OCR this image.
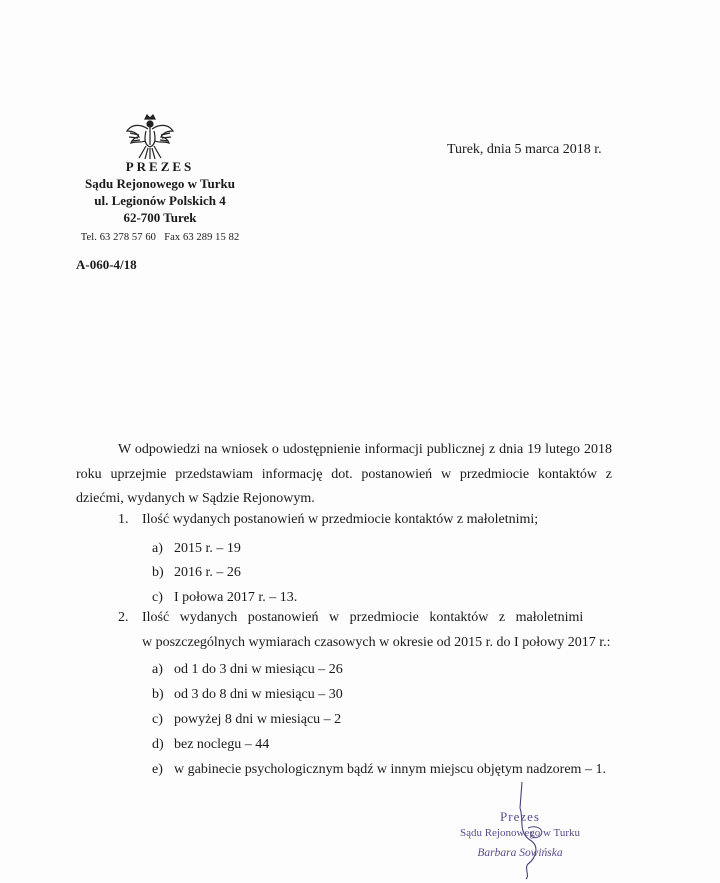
PREZES
Sądu Rejonowego w Turku
ul. Legionów Polskich 4
62-700 Turek
Tel. 63 278 57 60   Fax 63 289 15 82
Turek, dnia 5 marca 2018 r.
A-060-4/18

W odpowiedzi na wniosek o udostępnienie informacji publicznej z dnia 19 lutego 2018 roku uprzejmie przedstawiam informację dot. postanowień w przedmiocie kontaktów z dziećmi, wydanych w Sądzie Rejonowym.

1. Ilość wydanych postanowień w przedmiocie kontaktów z małoletnimi;
a) 2015 r. – 19
b) 2016 r. – 26
c) I połowa 2017 r. – 13.
2. Ilość   wydanych   postanowień   w   przedmiocie   kontaktów   z   małoletnimi
w poszczególnych wymiarach czasowych w okresie od 2015 r. do I połowy 2017 r.:
a) od 1 do 3 dni w miesiącu – 26
b) od 3 do 8 dni w miesiącu – 30
c) powyżej 8 dni w miesiącu – 2
d) bez noclegu – 44
e) w gabinecie psychologicznym bądź w innym miejscu objętym nadzorem – 1.
Prezes
Sądu Rejonowego w Turku
Barbara Sowińska
